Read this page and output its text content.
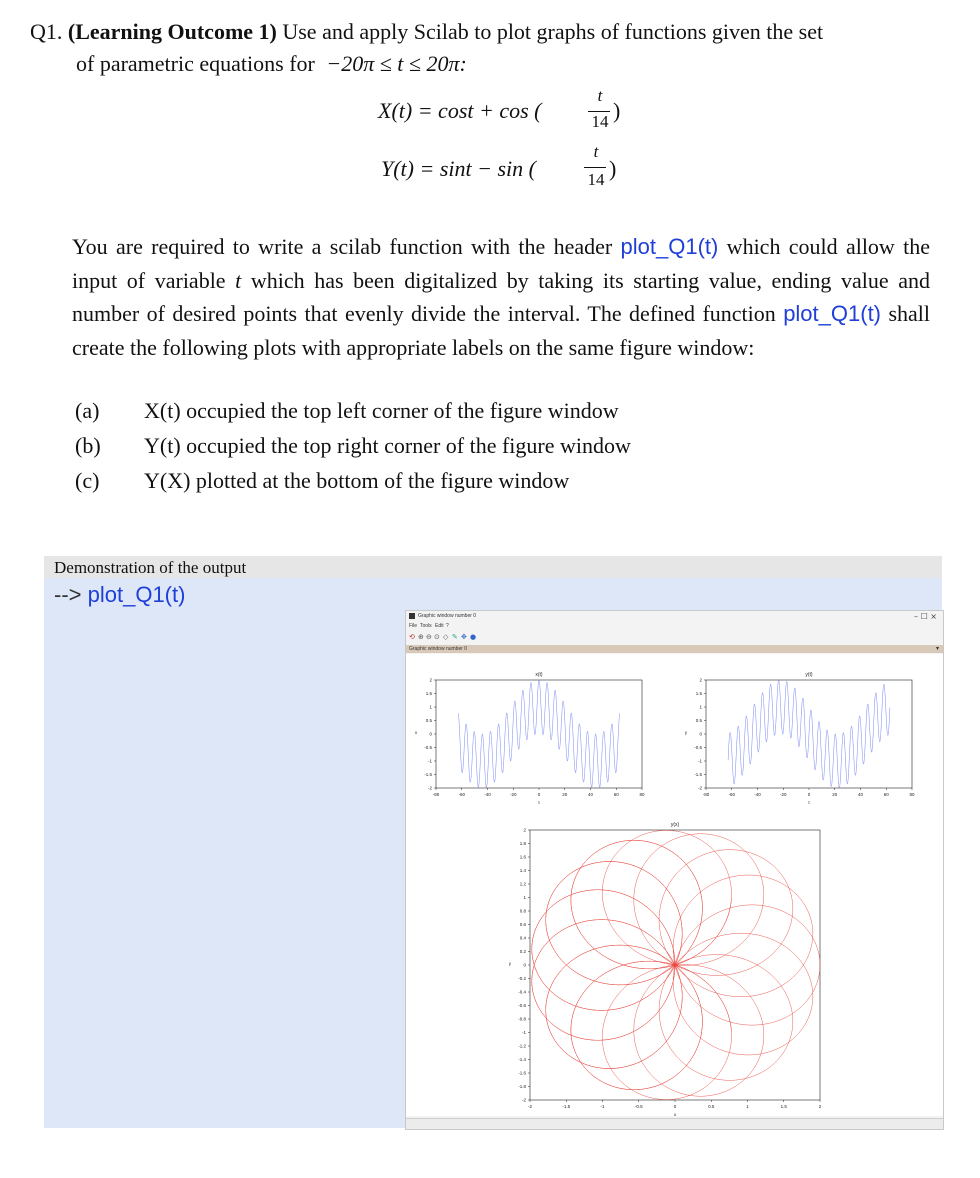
Q1. (Learning Outcome 1) Use and apply Scilab to plot graphs of functions given the set
of parametric equations for −20π ≤ t ≤ 20π:
X(t) = cost + cos (
t
14 )
Y(t) = sint − sin (
t
14 )
You are required to write a scilab function with the header plot_Q1(t) which could allow the input of variable t which has been digitalized by taking its starting value, ending value and number of desired points that evenly divide the interval. The defined function plot_Q1(t) shall create the following plots with appropriate labels on the same figure window:
(a) X(t) occupied the top left corner of the figure window
(b) Y(t) occupied the top right corner of the figure window
(c) Y(X) plotted at the bottom of the figure window
Demonstration of the output
--> plot_Q1(t)
Graphic window number 0	– ☐ ×
File Tools Edit ?
⟲ ⊕ ⊖ ⊙ ◇ ✎ ✥ ●
Graphic window number 0	▾
-80	-60	-40	-20	0	20	40	60	80
2
1.5
1
0.5
0
-0.5
-1
-1.5
-2
x(t)
t
x
-80	-60	-40	-20	0	20	40	60	80
2
1.5
1
0.5
0
-0.5
-1
-1.5
-2
y(t)
t
y
-2	-1.5	-1	-0.5	0	0.5	1	1.5	2
2
1.8
1.6
1.4
1.2
1
0.8
0.6
0.4
0.2
0
-0.2
-0.4
-0.6
-0.8
-1
-1.2
-1.4
-1.6
-1.8
-2
y(x)
x
y
